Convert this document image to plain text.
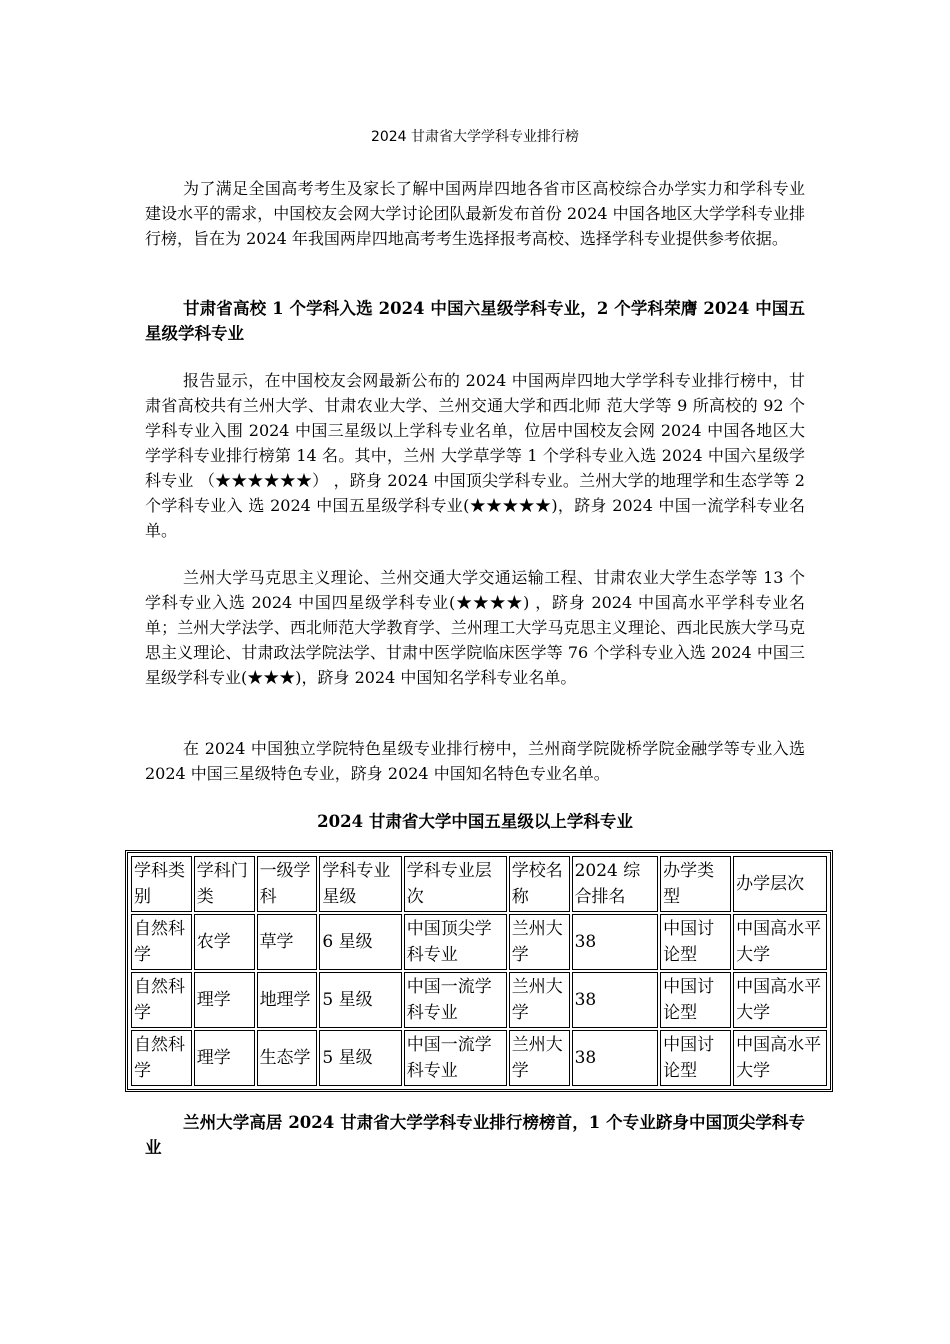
2024 甘肃省大学学科专业排行榜

为了满足全国高考考生及家长了解中国两岸四地各省市区高校综合办学实力和学科专业建设水平的需求，中国校友会网大学讨论团队最新发布首份 2024 中国各地区大学学科专业排行榜，旨在为 2024 年我国两岸四地高考考生选择报考高校、选择学科专业提供参考依据。

甘肃省高校 1 个学科入选 2024 中国六星级学科专业，2 个学科荣膺 2024 中国五星级学科专业

报告显示，在中国校友会网最新公布的 2024 中国两岸四地大学学科专业排行榜中，甘肃省高校共有兰州大学、甘肃农业大学、兰州交通大学和西北师 范大学等 9 所高校的 92 个学科专业入围 2024 中国三星级以上学科专业名单，位居中国校友会网 2024 中国各地区大学学科专业排行榜第 14 名。其中，兰州 大学草学等 1 个学科专业入选 2024 中国六星级学科专业 （★★★★★★） ，跻身 2024 中国顶尖学科专业。兰州大学的地理学和生态学等 2 个学科专业入 选 2024 中国五星级学科专业(★★★★★)，跻身 2024 中国一流学科专业名单。

兰州大学马克思主义理论、兰州交通大学交通运输工程、甘肃农业大学生态学等 13 个学科专业入选 2024 中国四星级学科专业(★★★★) ，跻身 2024 中国高水平学科专业名单；兰州大学法学、西北师范大学教育学、兰州理工大学马克思主义理论、西北民族大学马克思主义理论、甘肃政法学院法学、甘肃中医学院临床医学等 76 个学科专业入选 2024 中国三星级学科专业(★★★)，跻身 2024 中国知名学科专业名单。

在 2024 中国独立学院特色星级专业排行榜中，兰州商学院陇桥学院金融学等专业入选 2024 中国三星级特色专业，跻身 2024 中国知名特色专业名单。

2024 甘肃省大学中国五星级以上学科专业
学科类别	学科门类	一级学科	学科专业星级	学科专业层次	学校名称	2024 综合排名	办学类型	办学层次
自然科学	农学	草学	6 星级	中国顶尖学科专业	兰州大学	38	中国讨论型	中国高水平大学
自然科学	理学	地理学	5 星级	中国一流学科专业	兰州大学	38	中国讨论型	中国高水平大学
自然科学	理学	生态学	5 星级	中国一流学科专业	兰州大学	38	中国讨论型	中国高水平大学

兰州大学高居 2024 甘肃省大学学科专业排行榜榜首，1 个专业跻身中国顶尖学科专业
